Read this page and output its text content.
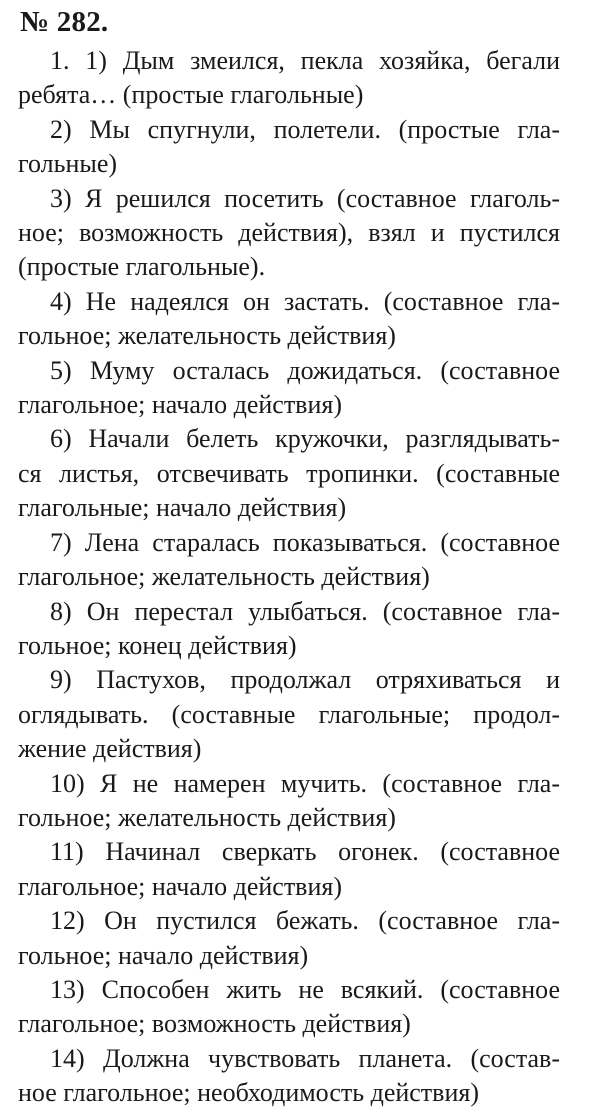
№ 282.
1. 1) Дым змеился, пекла хозяйка, бегали
ребята… (простые глагольные)
2) Мы спугнули, полетели. (простые гла-
гольные)
3) Я решился посетить (составное глаголь-
ное; возможность действия), взял и пустился
(простые глагольные).
4) Не надеялся он застать. (составное гла-
гольное; желательность действия)
5) Муму осталась дожидаться. (составное
глагольное; начало действия)
6) Начали белеть кружочки, разглядывать-
ся листья, отсвечивать тропинки. (составные
глагольные; начало действия)
7) Лена старалась показываться. (составное
глагольное; желательность действия)
8) Он перестал улыбаться. (составное гла-
гольное; конец действия)
9) Пастухов, продолжал отряхиваться и
оглядывать. (составные глагольные; продол-
жение действия)
10) Я не намерен мучить. (составное гла-
гольное; желательность действия)
11) Начинал сверкать огонек. (составное
глагольное; начало действия)
12) Он пустился бежать. (составное гла-
гольное; начало действия)
13) Способен жить не всякий. (составное
глагольное; возможность действия)
14) Должна чувствовать планета. (состав-
ное глагольное; необходимость действия)
